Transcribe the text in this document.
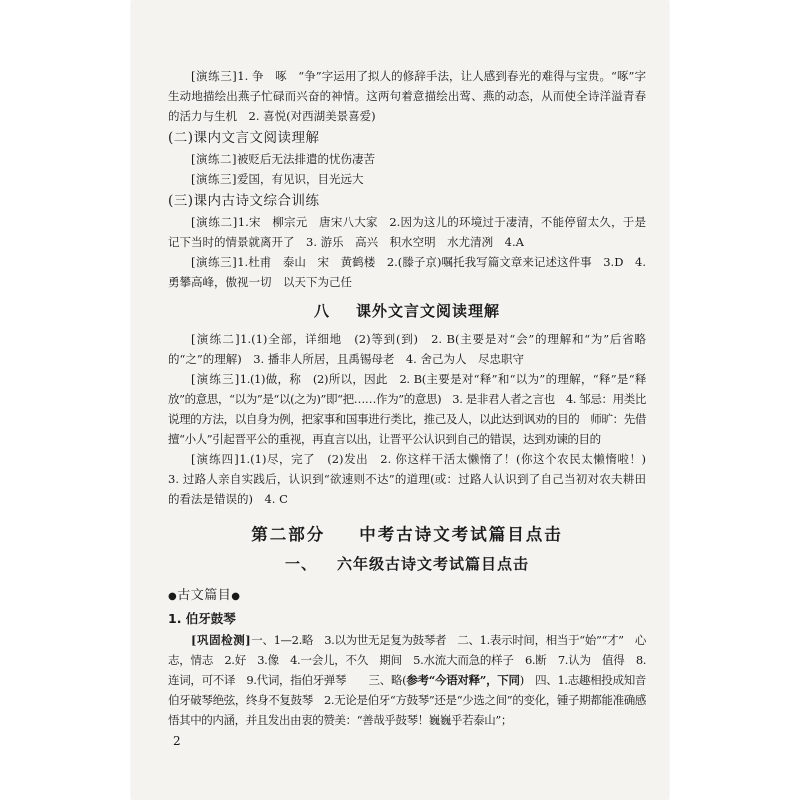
[演练三]1. 争　啄　“争”字运用了拟人的修辞手法，让人感到春光的难得与宝贵。“啄”字生动地描绘出燕子忙碌而兴奋的神情。这两句着意描绘出莺、燕的动态，从而使全诗洋溢青春的活力与生机　2. 喜悦(对西湖美景喜爱)

(二)课内文言文阅读理解

[演练二]被贬后无法排遣的忧伤凄苦

[演练三]爱国，有见识，目光远大

(三)课内古诗文综合训练

[演练二]1.宋　柳宗元　唐宋八大家　2.因为这儿的环境过于凄清，不能停留太久，于是记下当时的情景就离开了　3. 游乐　高兴　积水空明　水尤清冽　4.A

[演练三]1.杜甫　泰山　宋　黄鹤楼　2.(滕子京)嘱托我写篇文章来记述这件事　3.D　4.勇攀高峰，傲视一切　以天下为己任

八 课外文言文阅读理解

[演练二]1.(1)全部，详细地　(2)等到(到)　2. B(主要是对“会”的理解和“为”后省略的“之”的理解)　3. 播非人所居，且禹锡母老　4. 舍己为人　尽忠职守

[演练三]1.(1)做，称　(2)所以，因此　2. B(主要是对“释”和“以为”的理解，“释”是“释放”的意思，“以为”是“以(之为)”即“把……作为”的意思)　3. 是非君人者之言也　4. 邹忌：用类比说理的方法，以自身为例，把家事和国事进行类比，推己及人，以此达到讽劝的目的　师旷：先借擅“小人”引起晋平公的重视，再直言以出，让晋平公认识到自己的错误，达到劝谏的目的

[演练四]1.(1)尽，完了　(2)发出　2. 你这样干活太懒惰了！(你这个农民太懒惰啦！)　3. 过路人亲自实践后，认识到“欲速则不达”的道理(或：过路人认识到了自己当初对农夫耕田的看法是错误的)　4. C

第二部分 中考古诗文考试篇目点击
一、 六年级古诗文考试篇目点击

●古文篇目●

1. 伯牙鼓琴

[巩固检测]一、1—2.略　3.以为世无足复为鼓琴者　二、1.表示时间，相当于“始”“才”　心志，情志　2.好　3.像　4.一会儿，不久　期间　5.水流大而急的样子　6.断　7.认为　值得　8.连词，可不译　9.代词，指伯牙弹琴　　三、略(参考“今语对释”，下同)　四、1.志趣相投成知音　伯牙破琴绝弦，终身不复鼓琴　2.无论是伯牙“方鼓琴”还是“少选之间”的变化，锺子期都能准确感悟其中的内涵，并且发出由衷的赞美：“善哉乎鼓琴！巍巍乎若泰山”；

2
